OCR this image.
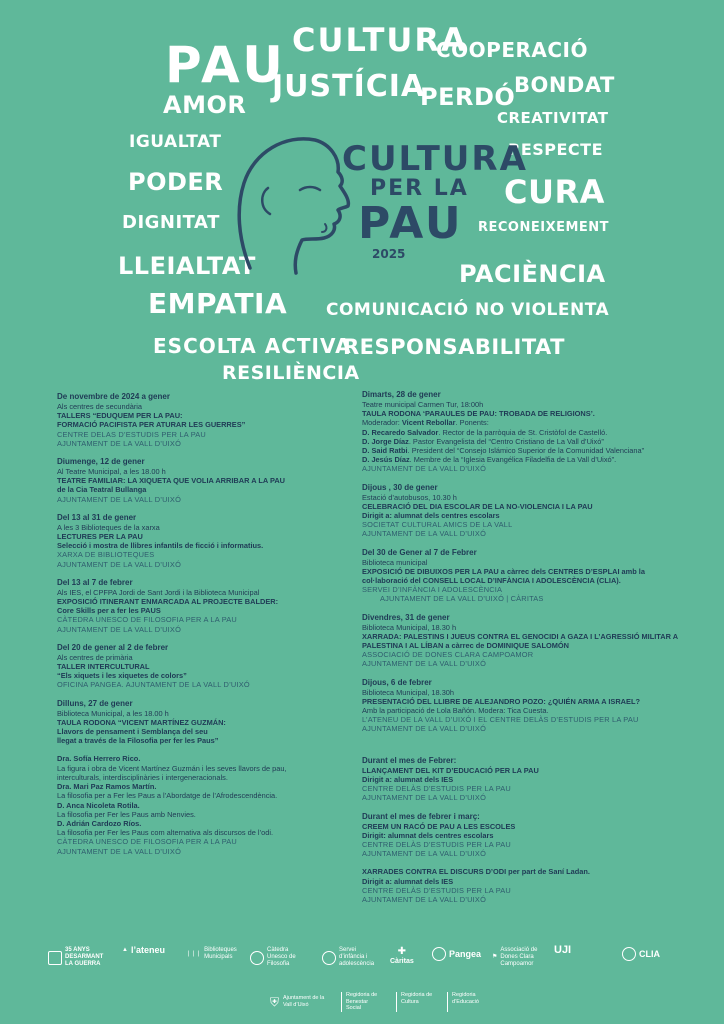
PAU CULTURA
COOPERACIÓ
JUSTÍCIA
AMOR	PERDÓ
BONDAT
CREATIVITAT
IGUALTAT	RESPECTE
PODER	CURA
DIGNITAT	RECONEIXEMENT
LLEIALTAT	PACIÈNCIA
EMPATIA COMUNICACIÓ NO VIOLENTA
ESCOLTA ACTIVA
RESPONSABILITAT
RESILIÈNCIA
CULTURA
PER LA
PAU
2025
De novembre de 2024 a gener
Als centres de secundària
TALLERS “EDUQUEM PER LA PAU:
FORMACIÓ PACIFISTA PER ATURAR LES GUERRES”
CENTRE DELAS D’ESTUDIS PER LA PAU
AJUNTAMENT DE LA VALL D’UIXÓ
Diumenge, 12 de gener
Al Teatre Municipal, a les 18.00 h
TEATRE FAMILIAR: LA XIQUETA QUE VOLIA ARRIBAR A LA PAU
de la Cia Teatral Bullanga
AJUNTAMENT DE LA VALL D’UIXÓ
Del 13 al 31 de gener
A les 3 Biblioteques de la xarxa
LECTURES PER LA PAU
Selecció i mostra de llibres infantils de ficció i informatius.
XARXA DE BIBLIOTEQUES
AJUNTAMENT DE LA VALL D’UIXÓ
Del 13 al 7 de febrer
Als IES, el CPFPA Jordi de Sant Jordi i la Biblioteca Municipal
EXPOSICIÓ ITINERANT ENMARCADA AL PROJECTE BALDER:
Core Skills per a fer les PAUS
CÀTEDRA UNESCO DE FILOSOFIA PER A LA PAU
AJUNTAMENT DE LA VALL D’UIXÓ
Del 20 de gener al 2 de febrer
Als centres de primària
TALLER INTERCULTURAL
“Els xiquets i les xiquetes de colors”
OFICINA PANGEA. AJUNTAMENT DE LA VALL D’UIXÓ
Dilluns, 27 de gener
Biblioteca Municipal, a les 18.00 h
TAULA RODONA “VICENT MARTÍNEZ GUZMÁN:
Llavors de pensament i Semblança del seu
llegat a través de la Filosofia per fer les Paus”
Dra. Sofía Herrero Rico.
La figura i obra de Vicent Martínez Guzmán i les seves llavors de pau,
interculturals, interdisciplinàries i intergeneracionals.
Dra. Mari Paz Ramos Martín.
La filosofia per a Fer les Paus a l’Abordatge de l’Afrodescendència.
D. Anca Nicoleta Rotila.
La filosofia per Fer les Paus amb Nenvies.
D. Adrián Cardozo Ríos.
La filosofia per Fer les Paus com alternativa als discursos de l’odi.
CÀTEDRA UNESCO DE FILOSOFIA PER A LA PAU
AJUNTAMENT DE LA VALL D’UIXÓ
Dimarts, 28 de gener
Teatre municipal Carmen Tur, 18:00h
TAULA RODONA ‘PARAULES DE PAU: TROBADA DE RELIGIONS’.
Moderador: Vicent Rebollar. Ponents:
D. Recaredo Salvador. Rector de la parròquia de St. Cristòfol de Castelló.
D. Jorge Díaz. Pastor Evangelista del “Centro Cristiano de La Vall d’Uixó”
D. Said Ratbi. President del “Consejo Islámico Superior de la Comunidad Valenciana”
D. Jesús Díaz. Membre de la “Iglesia Evangélica Filadelfia de La Vall d’Uixó”.
AJUNTAMENT DE LA VALL D’UIXÓ
Dijous , 30 de gener
Estació d’autobusos, 10.30 h
CELEBRACIÓ DEL DIA ESCOLAR DE LA NO-VIOLENCIA I LA PAU
Dirigit a: alumnat dels centres escolars
SOCIETAT CULTURAL AMICS DE LA VALL
AJUNTAMENT DE LA VALL D’UIXÓ
Del 30 de Gener al 7 de Febrer
Biblioteca municipal
EXPOSICIÓ DE DIBUIXOS PER LA PAU a càrrec dels CENTRES D’ESPLAI amb la
col·laboració del CONSELL LOCAL D’INFÀNCIA I ADOLESCÈNCIA (CLIA).
SERVEI D’INFÀNCIA I ADOLESCÈNCIA
AJUNTAMENT DE LA VALL D’UIXÓ | CÀRITAS
Divendres, 31 de gener
Biblioteca Municipal, 18.30 h
XARRADA: PALESTINS I JUEUS CONTRA EL GENOCIDI A GAZA I L’AGRESSIÓ MILITAR A
PALESTINA I AL LÍBAN a càrrec de DOMINIQUE SALOMÓN
ASSOCIACIÓ DE DONES CLARA CAMPOAMOR
AJUNTAMENT DE LA VALL D’UIXÓ
Dijous, 6 de febrer
Biblioteca Municipal, 18.30h
PRESENTACIÓ DEL LLIBRE DE ALEJANDRO POZO: ¿QUIÉN ARMA A ISRAEL?
Amb la participació de Lola Bañón. Modera: Tica Cuesta.
L’ATENEU DE LA VALL D’UIXÓ I EL CENTRE DELÀS D’ESTUDIS PER LA PAU
AJUNTAMENT DE LA VALL D’UIXÓ
Durant el mes de Febrer:
LLANÇAMENT DEL KIT D’EDUCACIÓ PER LA PAU
Dirigit a: alumnat dels IES
CENTRE DELÀS D’ESTUDIS PER LA PAU
AJUNTAMENT DE LA VALL D’UIXÓ
Durant el mes de febrer i març:
CREEM UN RACÓ DE PAU A LES ESCOLES
Dirigit: alumnat dels centres escolars
CENTRE DELÀS D’ESTUDIS PER LA PAU
AJUNTAMENT DE LA VALL D’UIXÓ
XARRADES CONTRA EL DISCURS D’ODI per part de Saní Ladan.
Dirigit a: alumnat dels IES
CENTRE DELÀS D’ESTUDIS PER LA PAU
AJUNTAMENT DE LA VALL D’UIXÓ
35 ANYS DESARMANT LA GUERRA
▲ l’ateneu	❘❘❘
Biblioteques Municipals
Càtedra Unesco de Filosofia
Servei d’infància i adolescència
✚
Càritas
Pangea ⚑
Associació de Dones Clara Campoamor
UJI	CLIA
⛨ Ajuntament de la Vall d’Uixó
Regidoria de Benestar Social
Regidoria de Cultura
Regidoria d’Educació
